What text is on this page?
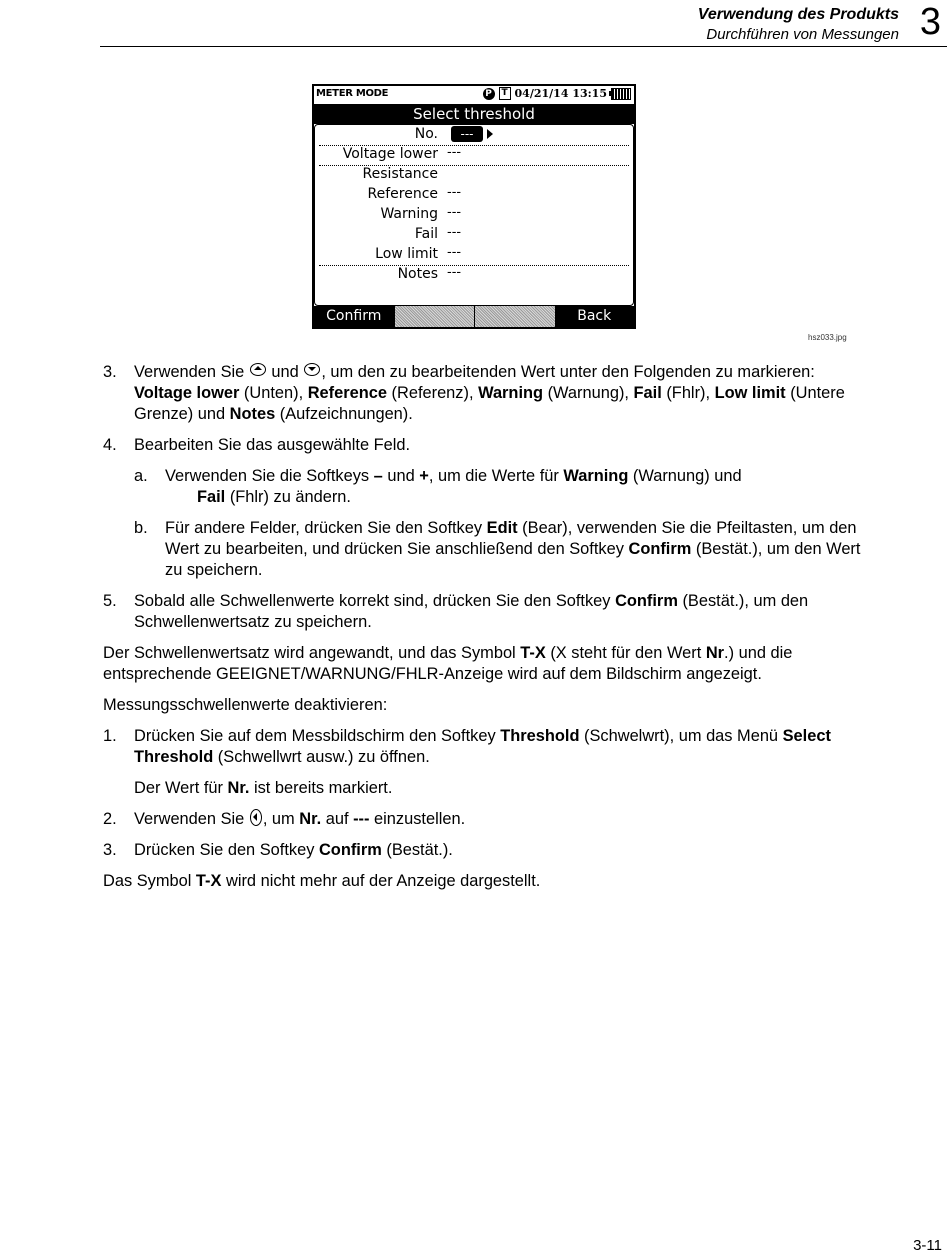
Verwendung des Produkts
Durchführen von Messungen 3
METER MODE	P	T 04/21/14 13:15
Select threshold
No.	---
Voltage lower ---
Resistance
Reference ---
Warning ---
Fail ---
Low limit ---
Notes ---
Confirm	Back
hsz033.jpg
3. Verwenden Sie und , um den zu bearbeitenden Wert unter den Folgenden zu markieren: Voltage lower (Unten), Reference (Referenz), Warning (Warnung), Fail (Fhlr), Low limit (Untere Grenze) und Notes (Aufzeichnungen).
4. Bearbeiten Sie das ausgewählte Feld.
a. Verwenden Sie die Softkeys – und +, um die Werte für Warning (Warnung) und
Fail (Fhlr) zu ändern.
b. Für andere Felder, drücken Sie den Softkey Edit (Bear), verwenden Sie die Pfeiltasten, um den Wert zu bearbeiten, und drücken Sie anschließend den Softkey Confirm (Bestät.), um den Wert zu speichern.
5. Sobald alle Schwellenwerte korrekt sind, drücken Sie den Softkey Confirm (Bestät.), um den Schwellenwertsatz zu speichern.

Der Schwellenwertsatz wird angewandt, und das Symbol T-X (X steht für den Wert Nr.) und die entsprechende GEEIGNET/WARNUNG/FHLR-Anzeige wird auf dem Bildschirm angezeigt.

Messungsschwellenwerte deaktivieren:

1. Drücken Sie auf dem Messbildschirm den Softkey Threshold (Schwelwrt), um das Menü Select Threshold (Schwellwrt ausw.) zu öffnen.
Der Wert für Nr. ist bereits markiert.
2. Verwenden Sie , um Nr. auf --- einzustellen.
3. Drücken Sie den Softkey Confirm (Bestät.).

Das Symbol T-X wird nicht mehr auf der Anzeige dargestellt.

3-11
